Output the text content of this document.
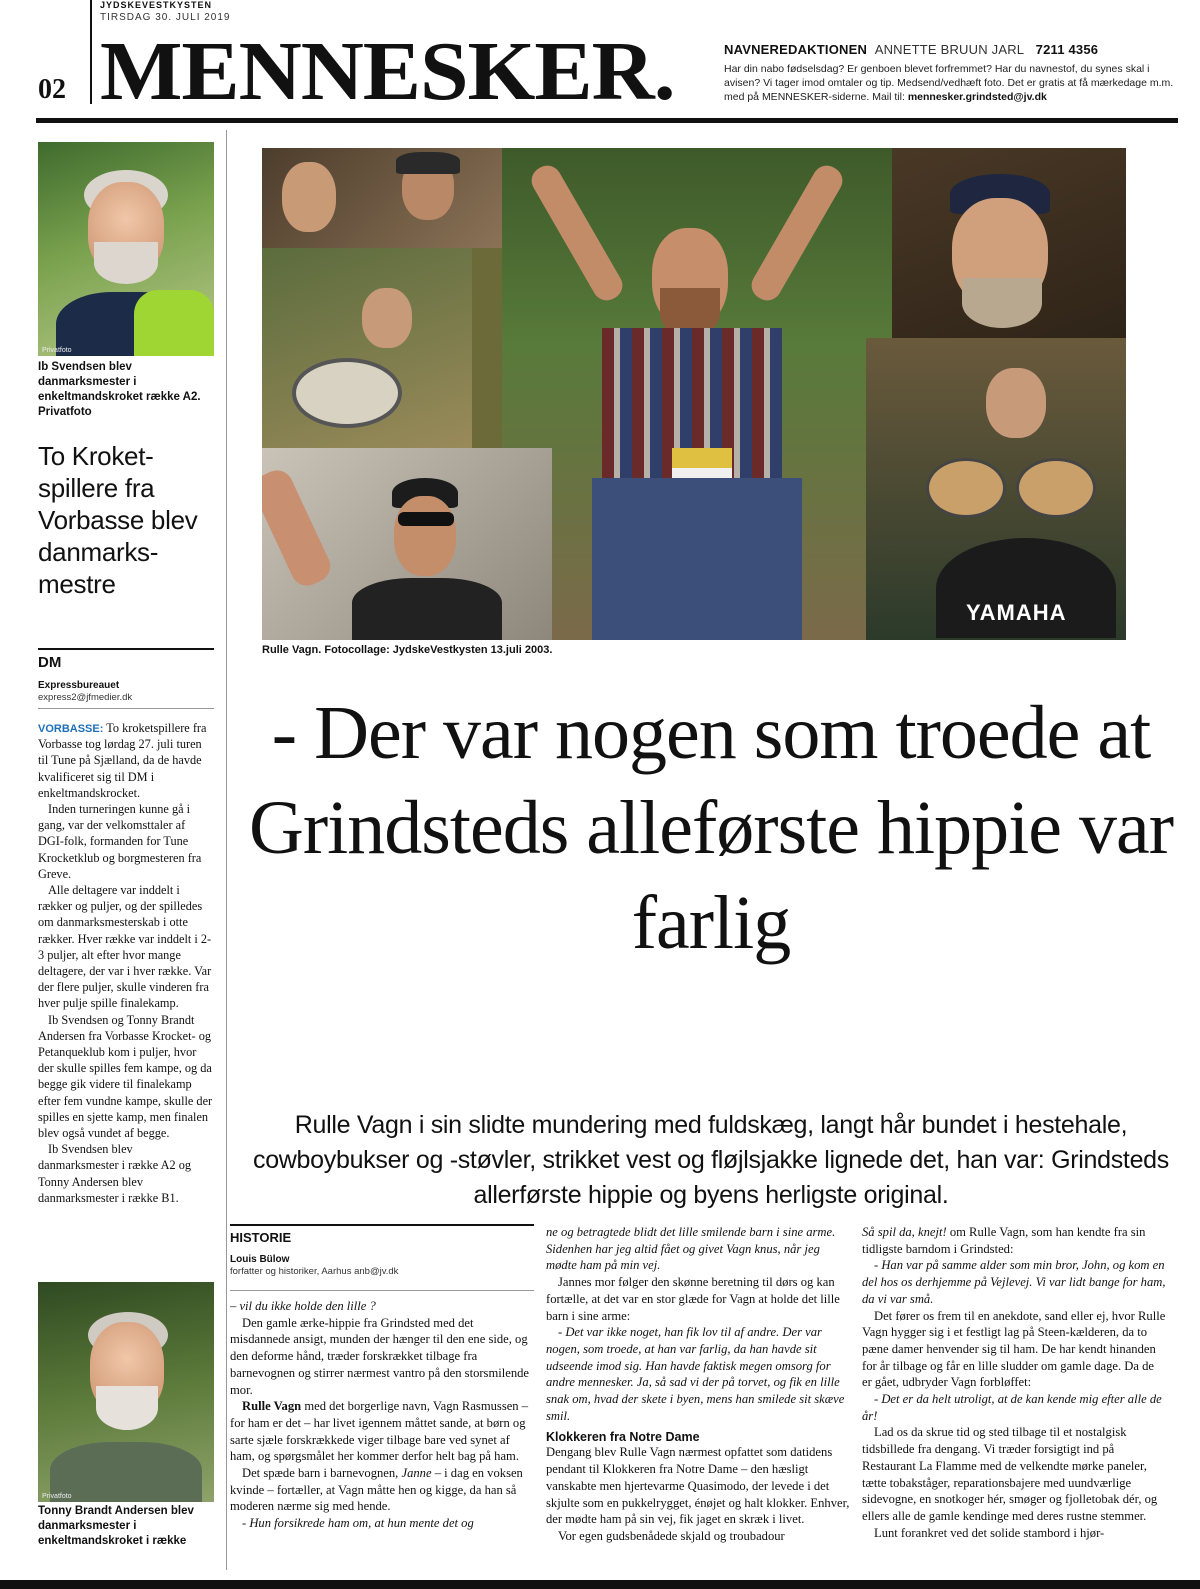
JYDSKEVESTKYSTEN
TIRSDAG 30. JULI 2019
02 MENNESKER.	NAVNEREDAKTIONEN ANNETTE BRUUN JARL 7211 4356
Har din nabo fødselsdag? Er genboen blevet forfremmet? Har du navnestof, du synes skal i avisen? Vi tager imod omtaler og tip. Medsend/vedhæft foto. Det er gratis at få mærkedage m.m. med på MENNESKER-siderne. Mail til: mennesker.grindsted@jv.dk
Privatfoto
Ib Svendsen blev danmarksmester i enkeltmandskroket række A2. Privatfoto
To Kroket-spillere fra Vorbasse blev danmarks-mestre
DM
Expressbureauet
express2@jfmedier.dk

VORBASSE: To kroketspillere fra Vorbasse tog lørdag 27. juli turen til Tune på Sjælland, da de havde kvalificeret sig til DM i enkeltmandskrocket.

Inden turneringen kunne gå i gang, var der velkomsttaler af DGI-folk, formanden for Tune Krocketklub og borgmesteren fra Greve.

Alle deltagere var inddelt i rækker og puljer, og der spilledes om danmarksmesterskab i otte rækker. Hver række var inddelt i 2-3 puljer, alt efter hvor mange deltagere, der var i hver række. Var der flere puljer, skulle vinderen fra hver pulje spille finalekamp.

Ib Svendsen og Tonny Brandt Andersen fra Vorbasse Krocket- og Petanqueklub kom i puljer, hvor der skulle spilles fem kampe, og da begge gik videre til finalekamp efter fem vundne kampe, skulle der spilles en sjette kamp, men finalen blev også vundet af begge.

Ib Svendsen blev danmarksmester i række A2 og Tonny Andersen blev danmarksmester i række B1.

Privatfoto
Tonny Brandt Andersen blev danmarksmester i enkeltmandskroket i række
YAMAHA
Rulle Vagn. Fotocollage: JydskeVestkysten 13.juli 2003.
- Der var nogen som troede at Grindsteds alleførste hippie var farlig
Rulle Vagn i sin slidte mundering med fuldskæg, langt hår bundet i hestehale, cowboybukser og -støvler, strikket vest og fløjlsjakke lignede det, han var: Grindsteds allerførste hippie og byens herligste original.
HISTORIE
Louis Bülow
forfatter og historiker, Aarhus anb@jv.dk

– vil du ikke holde den lille ?

Den gamle ærke-hippie fra Grindsted med det misdannede ansigt, munden der hænger til den ene side, og den deforme hånd, træder forskrækket tilbage fra barnevognen og stirrer nærmest vantro på den storsmilende mor.

Rulle Vagn med det borgerlige navn, Vagn Rasmussen – for ham er det – har livet igennem måttet sande, at børn og sarte sjæle forskrækkede viger tilbage bare ved synet af ham, og spørgsmålet her kommer derfor helt bag på ham.

Det spæde barn i barnevognen, Janne – i dag en voksen kvinde – fortæller, at Vagn måtte hen og kigge, da han så moderen nærme sig med hende.

- Hun forsikrede ham om, at hun mente det og

ne og betragtede blidt det lille smilende barn i sine arme. Sidenhen har jeg altid fået og givet Vagn knus, når jeg mødte ham på min vej.

Jannes mor følger den skønne beretning til dørs og kan fortælle, at det var en stor glæde for Vagn at holde det lille barn i sine arme:

- Det var ikke noget, han fik lov til af andre. Der var nogen, som troede, at han var farlig, da han havde sit udseende imod sig. Han havde faktisk megen omsorg for andre mennesker. Ja, så sad vi der på torvet, og fik en lille snak om, hvad der skete i byen, mens han smilede sit skæve smil.

Klokkeren fra Notre Dame

Dengang blev Rulle Vagn nærmest opfattet som datidens pendant til Klokkeren fra Notre Dame – den hæsligt vanskabte men hjertevarme Quasimodo, der levede i det skjulte som en pukkelrygget, énøjet og halt klokker. Enhver, der mødte ham på sin vej, fik jaget en skræk i livet.

Vor egen gudsbenådede skjald og troubadour

Så spil da, knejt! om Rulle Vagn, som han kendte fra sin tidligste barndom i Grindsted:

- Han var på samme alder som min bror, John, og kom en del hos os derhjemme på Vejlevej. Vi var lidt bange for ham, da vi var små.

Det fører os frem til en anekdote, sand eller ej, hvor Rulle Vagn hygger sig i et festligt lag på Steen-kælderen, da to pæne damer henvender sig til ham. De har kendt hinanden for år tilbage og får en lille sludder om gamle dage. Da de er gået, udbryder Vagn forbløffet:

- Det er da helt utroligt, at de kan kende mig efter alle de år!

Lad os da skrue tid og sted tilbage til et nostalgisk tidsbillede fra dengang. Vi træder forsigtigt ind på Restaurant La Flamme med de velkendte mørke paneler, tætte tobakståger, reparationsbajere med uundværlige sidevogne, en snotkoger hér, smøger og fjolletobak dér, og ellers alle de gamle kendinge med deres rustne stemmer.

Lunt forankret ved det solide stambord i hjør-
